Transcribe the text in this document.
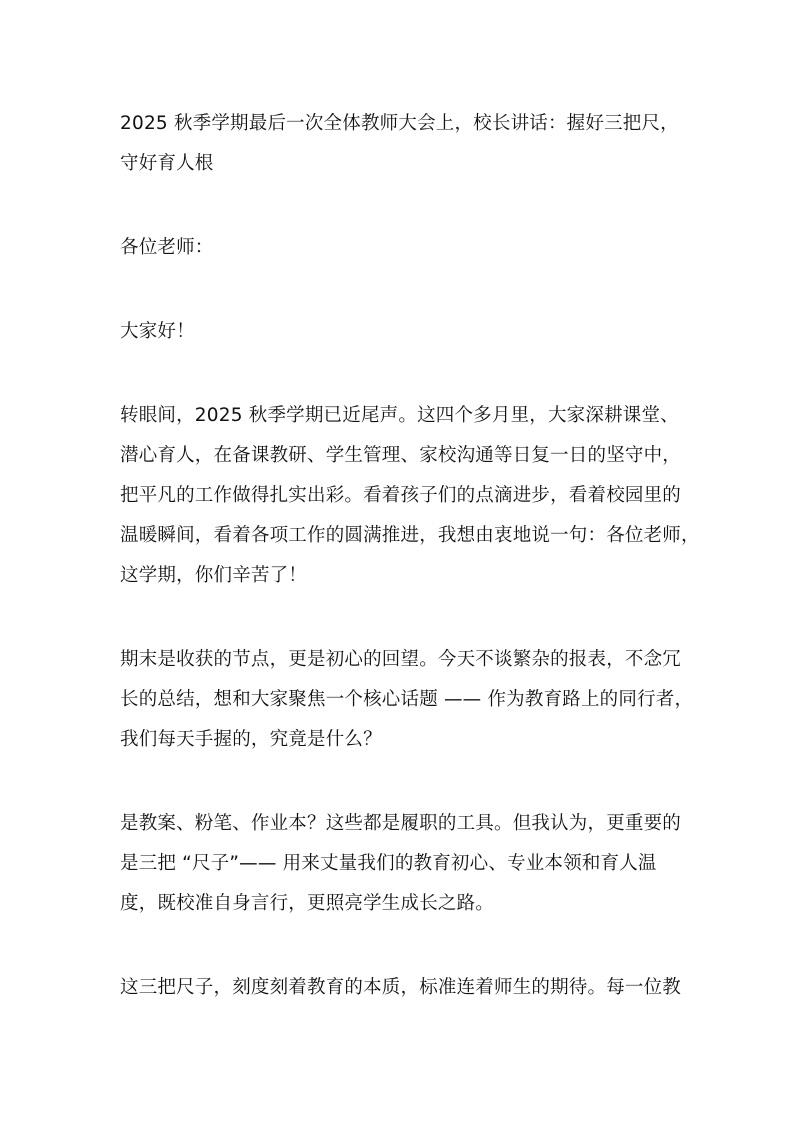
2025 秋季学期最后一次全体教师大会上，校长讲话：握好三把尺，
守好育人根
各位老师：
大家好！
转眼间，2025 秋季学期已近尾声。这四个多月里，大家深耕课堂、
潜心育人，在备课教研、学生管理、家校沟通等日复一日的坚守中，
把平凡的工作做得扎实出彩。看着孩子们的点滴进步，看着校园里的
温暖瞬间，看着各项工作的圆满推进，我想由衷地说一句：各位老师，
这学期，你们辛苦了！
期末是收获的节点，更是初心的回望。今天不谈繁杂的报表，不念冗
长的总结，想和大家聚焦一个核心话题 —— 作为教育路上的同行者，
我们每天手握的，究竟是什么？
是教案、粉笔、作业本？这些都是履职的工具。但我认为，更重要的
是三把 “尺子”—— 用来丈量我们的教育初心、专业本领和育人温
度，既校准自身言行，更照亮学生成长之路。
这三把尺子，刻度刻着教育的本质，标准连着师生的期待。每一位教
